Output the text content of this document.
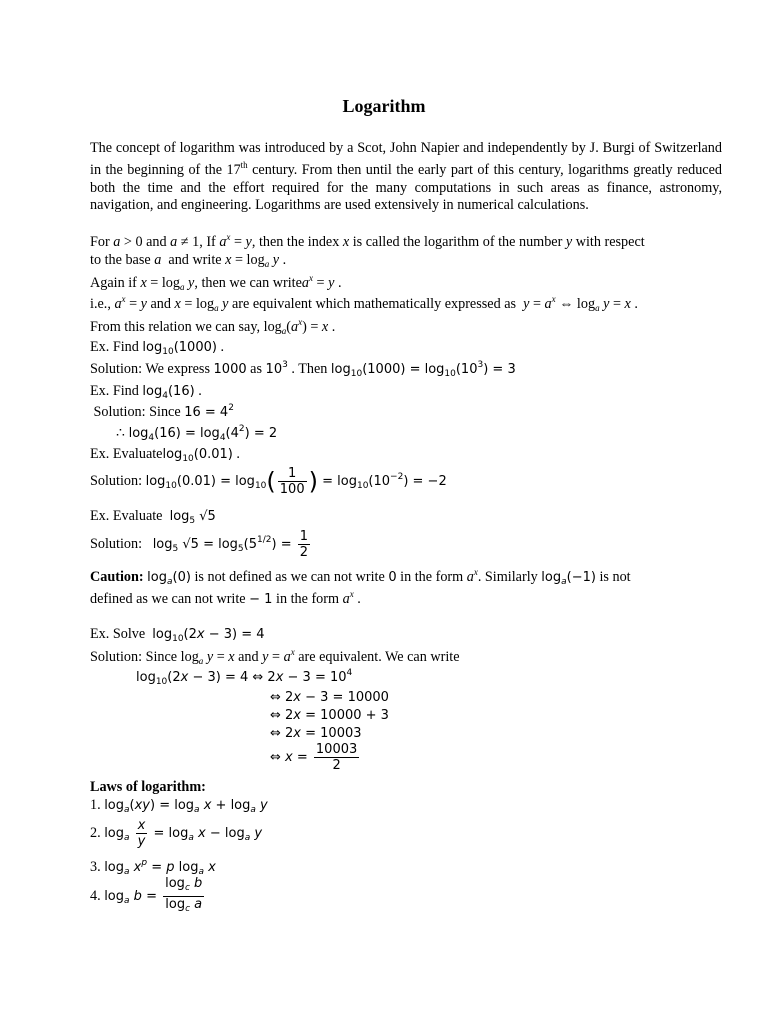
Logarithm
The concept of logarithm was introduced by a Scot, John Napier and independently by J. Burgi of Switzerland in the beginning of the 17th century. From then until the early part of this century, logarithms greatly reduced both the time and the effort required for the many computations in such areas as finance, astronomy, navigation, and engineering. Logarithms are used extensively in numerical calculations.
For a > 0 and a ≠ 1, If $a^x = y$, then the index x is called the logarithm of the number y with respect
to the base a  and write $x = \log_a y$ .
Again if $x = \log_a y$, then we can writea$^x$ = y .
i.e., $a^x = y$ and $x = \log_a y$ are equivalent which mathematically expressed as  $y = a^x$ ⇔ $\log_a y = x$ .
From this relation we can say, $\log_a(a^x) = x$ .
Ex. Find $\log_{10}(1000)$ .
Solution: We express 1000 as $10^3$ . Then $\log_{10}(1000) = \log_{10}(10^3) = 3$
Ex. Find $\log_4(16)$ .
Solution: Since $16 = 4^2$
∴ $\log_4(16) = \log_4(4^2) = 2$
Ex. Evaluatelog$_{10}$(0.01) .
Solution: $\log_{10}(0.01) = \log_{10}( \frac{1}{100}$ ) = $\log_{10}(10^{-2}) = -2$
Ex. Evaluate  $\log_5 √5$
Solution:   $\log_5 √5 = \log_5(5^{1/2}) = \frac{1}{2}$
Caution: $\log_a(0)$ is not defined as we can not write 0 in the form $a^x$. Similarly $\log_a(-1)$ is not
defined as we can not write − 1 in the form $a^x$ .
Ex. Solve  $\log_{10}(2x - 3) = 4$
Solution: Since $\log_a y = x$ and $y = a^x$ are equivalent. We can write
$\log_{10}(2x - 3) = 4$ ⇔ $2x - 3 = 10^4$
⇔ 2x − 3 = 10000
⇔ 2x = 10000 + 3
⇔ 2x = 10003
⇔ $x = \frac{10003}{2}$
Laws of logarithm:
1. $\log_a(xy) = \log_a x + \log_a y$
2. $\log_a \frac{x}{y} = \log_a x - \log_a y$
3. $\log_a x^p = p$ $\log_a x$
4. $\log_a b = \frac{\log_c b}{\log_c a}$
